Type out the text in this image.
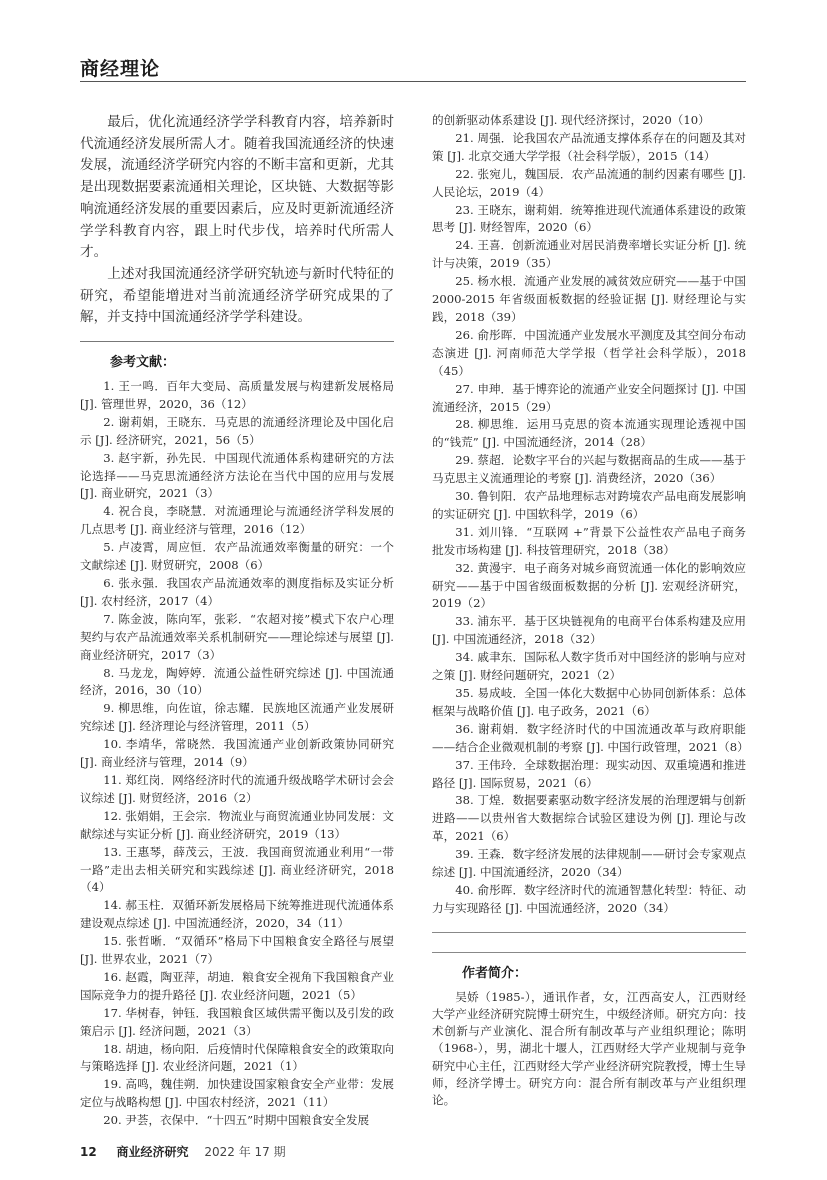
商经理论

最后，优化流通经济学学科教育内容，培养新时代流通经济发展所需人才。随着我国流通经济的快速发展，流通经济学研究内容的不断丰富和更新，尤其是出现数据要素流通相关理论，区块链、大数据等影响流通经济发展的重要因素后，应及时更新流通经济学学科教育内容，跟上时代步伐，培养时代所需人才。

上述对我国流通经济学研究轨迹与新时代特征的研究，希望能增进对当前流通经济学研究成果的了解，并支持中国流通经济学学科建设。

参考文献：

1. 王一鸣．百年大变局、高质量发展与构建新发展格局 [J]. 管理世界，2020，36（12）

2. 谢莉娟，王晓东．马克思的流通经济理论及中国化启示 [J]. 经济研究，2021，56（5）

3. 赵宇新，孙先民．中国现代流通体系构建研究的方法论选择——马克思流通经济方法论在当代中国的应用与发展 [J]. 商业研究，2021（3）

4. 祝合良，李晓慧．对流通理论与流通经济学科发展的几点思考 [J]. 商业经济与管理，2016（12）

5. 卢凌霄，周应恒．农产品流通效率衡量的研究：一个文献综述 [J]. 财贸研究，2008（6）

6. 张永强．我国农产品流通效率的测度指标及实证分析 [J]. 农村经济，2017（4）

7. 陈金波，陈向军，张彩．“农超对接”模式下农户心理契约与农产品流通效率关系机制研究——理论综述与展望 [J]. 商业经济研究，2017（3）

8. 马龙龙，陶婷婷．流通公益性研究综述 [J]. 中国流通经济，2016，30（10）

9. 柳思维，向佐谊，徐志耀．民族地区流通产业发展研究综述 [J]. 经济理论与经济管理，2011（5）

10. 李靖华，常晓然．我国流通产业创新政策协同研究 [J]. 商业经济与管理，2014（9）

11. 郑红岗．网络经济时代的流通升级战略学术研讨会会议综述 [J]. 财贸经济，2016（2）

12. 张娟娟，王会宗．物流业与商贸流通业协同发展：文献综述与实证分析 [J]. 商业经济研究，2019（13）

13. 王惠琴，薛茂云，王波．我国商贸流通业利用“一带一路”走出去相关研究和实践综述 [J]. 商业经济研究，2018（4）

14. 郝玉柱．双循环新发展格局下统筹推进现代流通体系建设观点综述 [J]. 中国流通经济，2020，34（11）

15. 张哲晰．“双循环”格局下中国粮食安全路径与展望 [J]. 世界农业，2021（7）

16. 赵霞，陶亚萍，胡迪．粮食安全视角下我国粮食产业国际竞争力的提升路径 [J]. 农业经济问题，2021（5）

17. 华树春，钟钰．我国粮食区域供需平衡以及引发的政策启示 [J]. 经济问题，2021（3）

18. 胡迪，杨向阳．后疫情时代保障粮食安全的政策取向与策略选择 [J]. 农业经济问题，2021（1）

19. 高鸣，魏佳朔．加快建设国家粮食安全产业带：发展定位与战略构想 [J]. 中国农村经济，2021（11）

20. 尹荟，衣保中．“十四五”时期中国粮食安全发展

的创新驱动体系建设 [J]. 现代经济探讨，2020（10）

21. 周强．论我国农产品流通支撑体系存在的问题及其对策 [J]. 北京交通大学学报（社会科学版），2015（14）

22. 张宛儿，魏国辰．农产品流通的制约因素有哪些 [J]. 人民论坛，2019（4）

23. 王晓东，谢莉娟．统筹推进现代流通体系建设的政策思考 [J]. 财经智库，2020（6）

24. 王喜．创新流通业对居民消费率增长实证分析 [J]. 统计与决策，2019（35）

25. 杨水根．流通产业发展的减贫效应研究——基于中国 2000-2015 年省级面板数据的经验证据 [J]. 财经理论与实践，2018（39）

26. 俞彤晖．中国流通产业发展水平测度及其空间分布动态演进 [J]. 河南师范大学学报（哲学社会科学版），2018（45）

27. 申珅．基于博弈论的流通产业安全问题探讨 [J]. 中国流通经济，2015（29）

28. 柳思维．运用马克思的资本流通实现理论透视中国的“钱荒” [J]. 中国流通经济，2014（28）

29. 蔡超．论数字平台的兴起与数据商品的生成——基于马克思主义流通理论的考察 [J]. 消费经济，2020（36）

30. 鲁钊阳．农产品地理标志对跨境农产品电商发展影响的实证研究 [J]. 中国软科学，2019（6）

31. 刘川锋．“互联网 +”背景下公益性农产品电子商务批发市场构建 [J]. 科技管理研究，2018（38）

32. 黄漫宇．电子商务对城乡商贸流通一体化的影响效应研究——基于中国省级面板数据的分析 [J]. 宏观经济研究，2019（2）

33. 浦东平．基于区块链视角的电商平台体系构建及应用 [J]. 中国流通经济，2018（32）

34. 戚聿东．国际私人数字货币对中国经济的影响与应对之策 [J]. 财经问题研究，2021（2）

35. 易成岐．全国一体化大数据中心协同创新体系：总体框架与战略价值 [J]. 电子政务，2021（6）

36. 谢莉娟．数字经济时代的中国流通改革与政府职能——结合企业微观机制的考察 [J]. 中国行政管理，2021（8）

37. 王伟玲．全球数据治理：现实动因、双重境遇和推进路径 [J]. 国际贸易，2021（6）

38. 丁煌．数据要素驱动数字经济发展的治理逻辑与创新进路——以贵州省大数据综合试验区建设为例 [J]. 理论与改革，2021（6）

39. 王森．数字经济发展的法律规制——研讨会专家观点综述 [J]. 中国流通经济，2020（34）

40. 俞彤晖．数字经济时代的流通智慧化转型：特征、动力与实现路径 [J]. 中国流通经济，2020（34）

作者简介：

吴娇（1985-），通讯作者，女，江西高安人，江西财经大学产业经济研究院博士研究生，中级经济师。研究方向：技术创新与产业演化、混合所有制改革与产业组织理论；陈明（1968-），男，湖北十堰人，江西财经大学产业规制与竞争研究中心主任，江西财经大学产业经济研究院教授，博士生导师，经济学博士。研究方向：混合所有制改革与产业组织理论。

12 商业经济研究 2022 年 17 期
